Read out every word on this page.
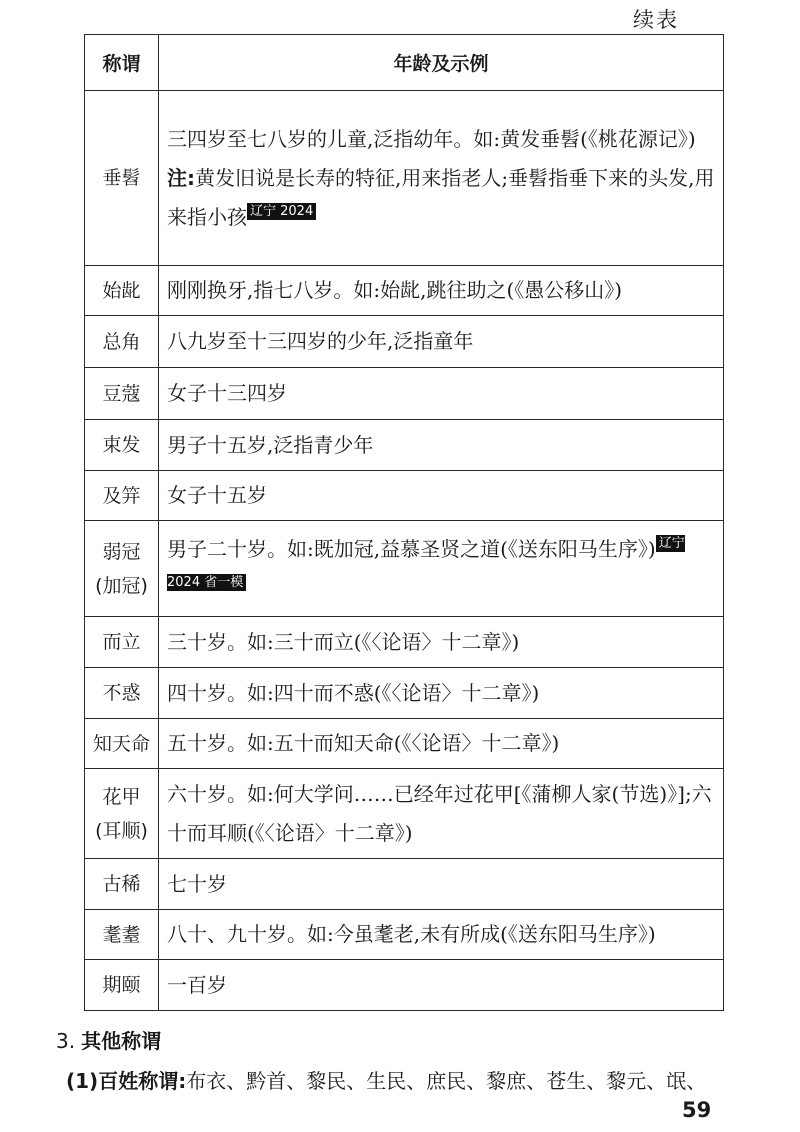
续表
称谓	年龄及示例
垂髫	三四岁至七八岁的儿童,泛指幼年。如:黄发垂髫(《桃花源记》)
注:黄发旧说是长寿的特征,用来指老人;垂髫指垂下来的头发,用来指小孩 $^{辽宁 2024}$

始龀	刚刚换牙,指七八岁。如:始龀,跳往助之(《愚公移山》)
总角	八九岁至十三四岁的少年,泛指童年
豆蔻	女子十三四岁
束发	男子十五岁,泛指青少年
及笄	女子十五岁

弱冠
(加冠)	男子二十岁。如:既加冠,益慕圣贤之道(《送东阳马生序》) $^{辽宁 2024 省一模}$
而立	三十岁。如:三十而立(《〈论语〉十二章》)
不惑	四十岁。如:四十而不惑(《〈论语〉十二章》)
知天命	五十岁。如:五十而知天命(《〈论语〉十二章》)

花甲
(耳顺)	六十岁。如:何大学问……已经年过花甲[《蒲柳人家(节选)》];六十而耳顺(《〈论语〉十二章》)
古稀	七十岁
耄耋	八十、九十岁。如:今虽耄老,未有所成(《送东阳马生序》)
期颐	一百岁
3. 其他称谓
(1)百姓称谓:布衣、黔首、黎民、生民、庶民、黎庶、苍生、黎元、氓、
59
